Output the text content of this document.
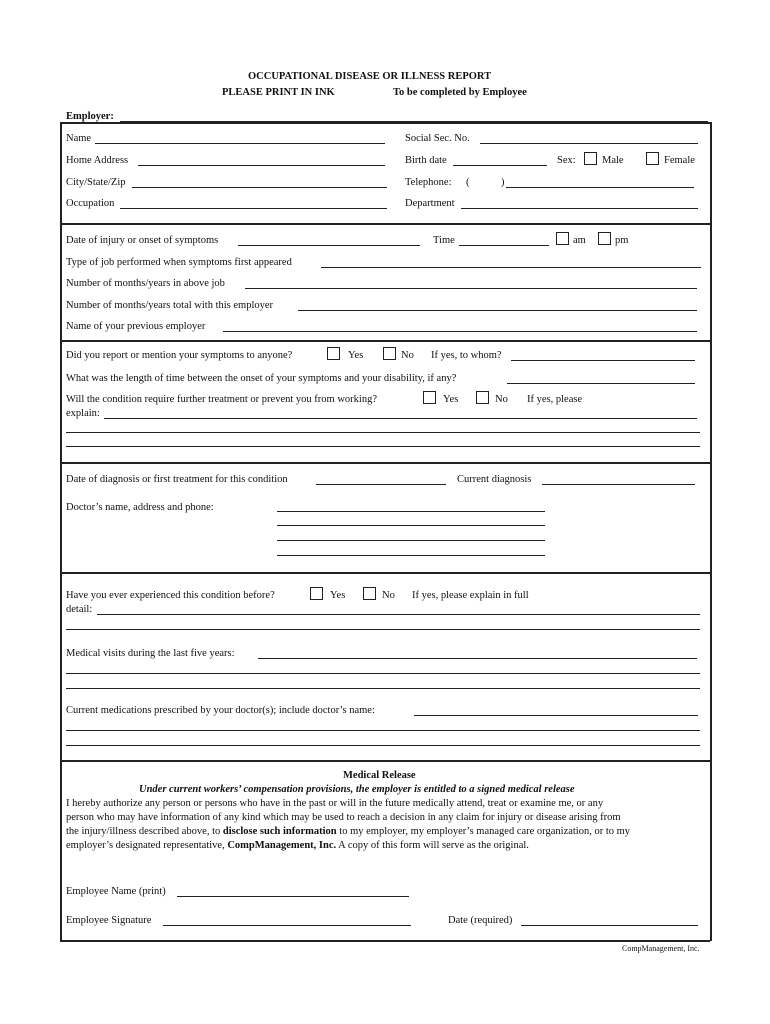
OCCUPATIONAL DISEASE OR ILLNESS REPORT
PLEASE PRINT IN INK	To be completed by Employee
Employer:
Name	Social Sec. No.
Home Address	Birth date	Sex:	Male	Female
City/State/Zip	Telephone: (	)
Occupation	Department
Date of injury or onset of symptoms	Time	am	pm
Type of job performed when symptoms first appeared
Number of months/years in above job
Number of months/years total with this employer
Name of your previous employer
Did you report or mention your symptoms to anyone?	Yes	No If yes, to whom?
What was the length of time between the onset of your symptoms and your disability, if any?
Will the condition require further treatment or prevent you from working?	Yes	No If yes, please
explain:
Date of diagnosis or first treatment for this condition	Current diagnosis
Doctor’s name, address and phone:
Have you ever experienced this condition before?	Yes	No If yes, please explain in full
detail:
Medical visits during the last five years:
Current medications prescribed by your doctor(s); include doctor’s name:
Medical Release
Under current workers’ compensation provisions, the employer is entitled to a signed medical release
I hereby authorize any person or persons who have in the past or will in the future medically attend, treat or examine me, or any
person who may have information of any kind which may be used to reach a decision in any claim for injury or disease arising from
the injury/illness described above, to disclose such information to my employer, my employer’s managed care organization, or to my
employer’s designated representative, CompManagement, Inc. A copy of this form will serve as the original.
Employee Name (print)
Employee Signature	Date (required)
CompManagement, Inc.
